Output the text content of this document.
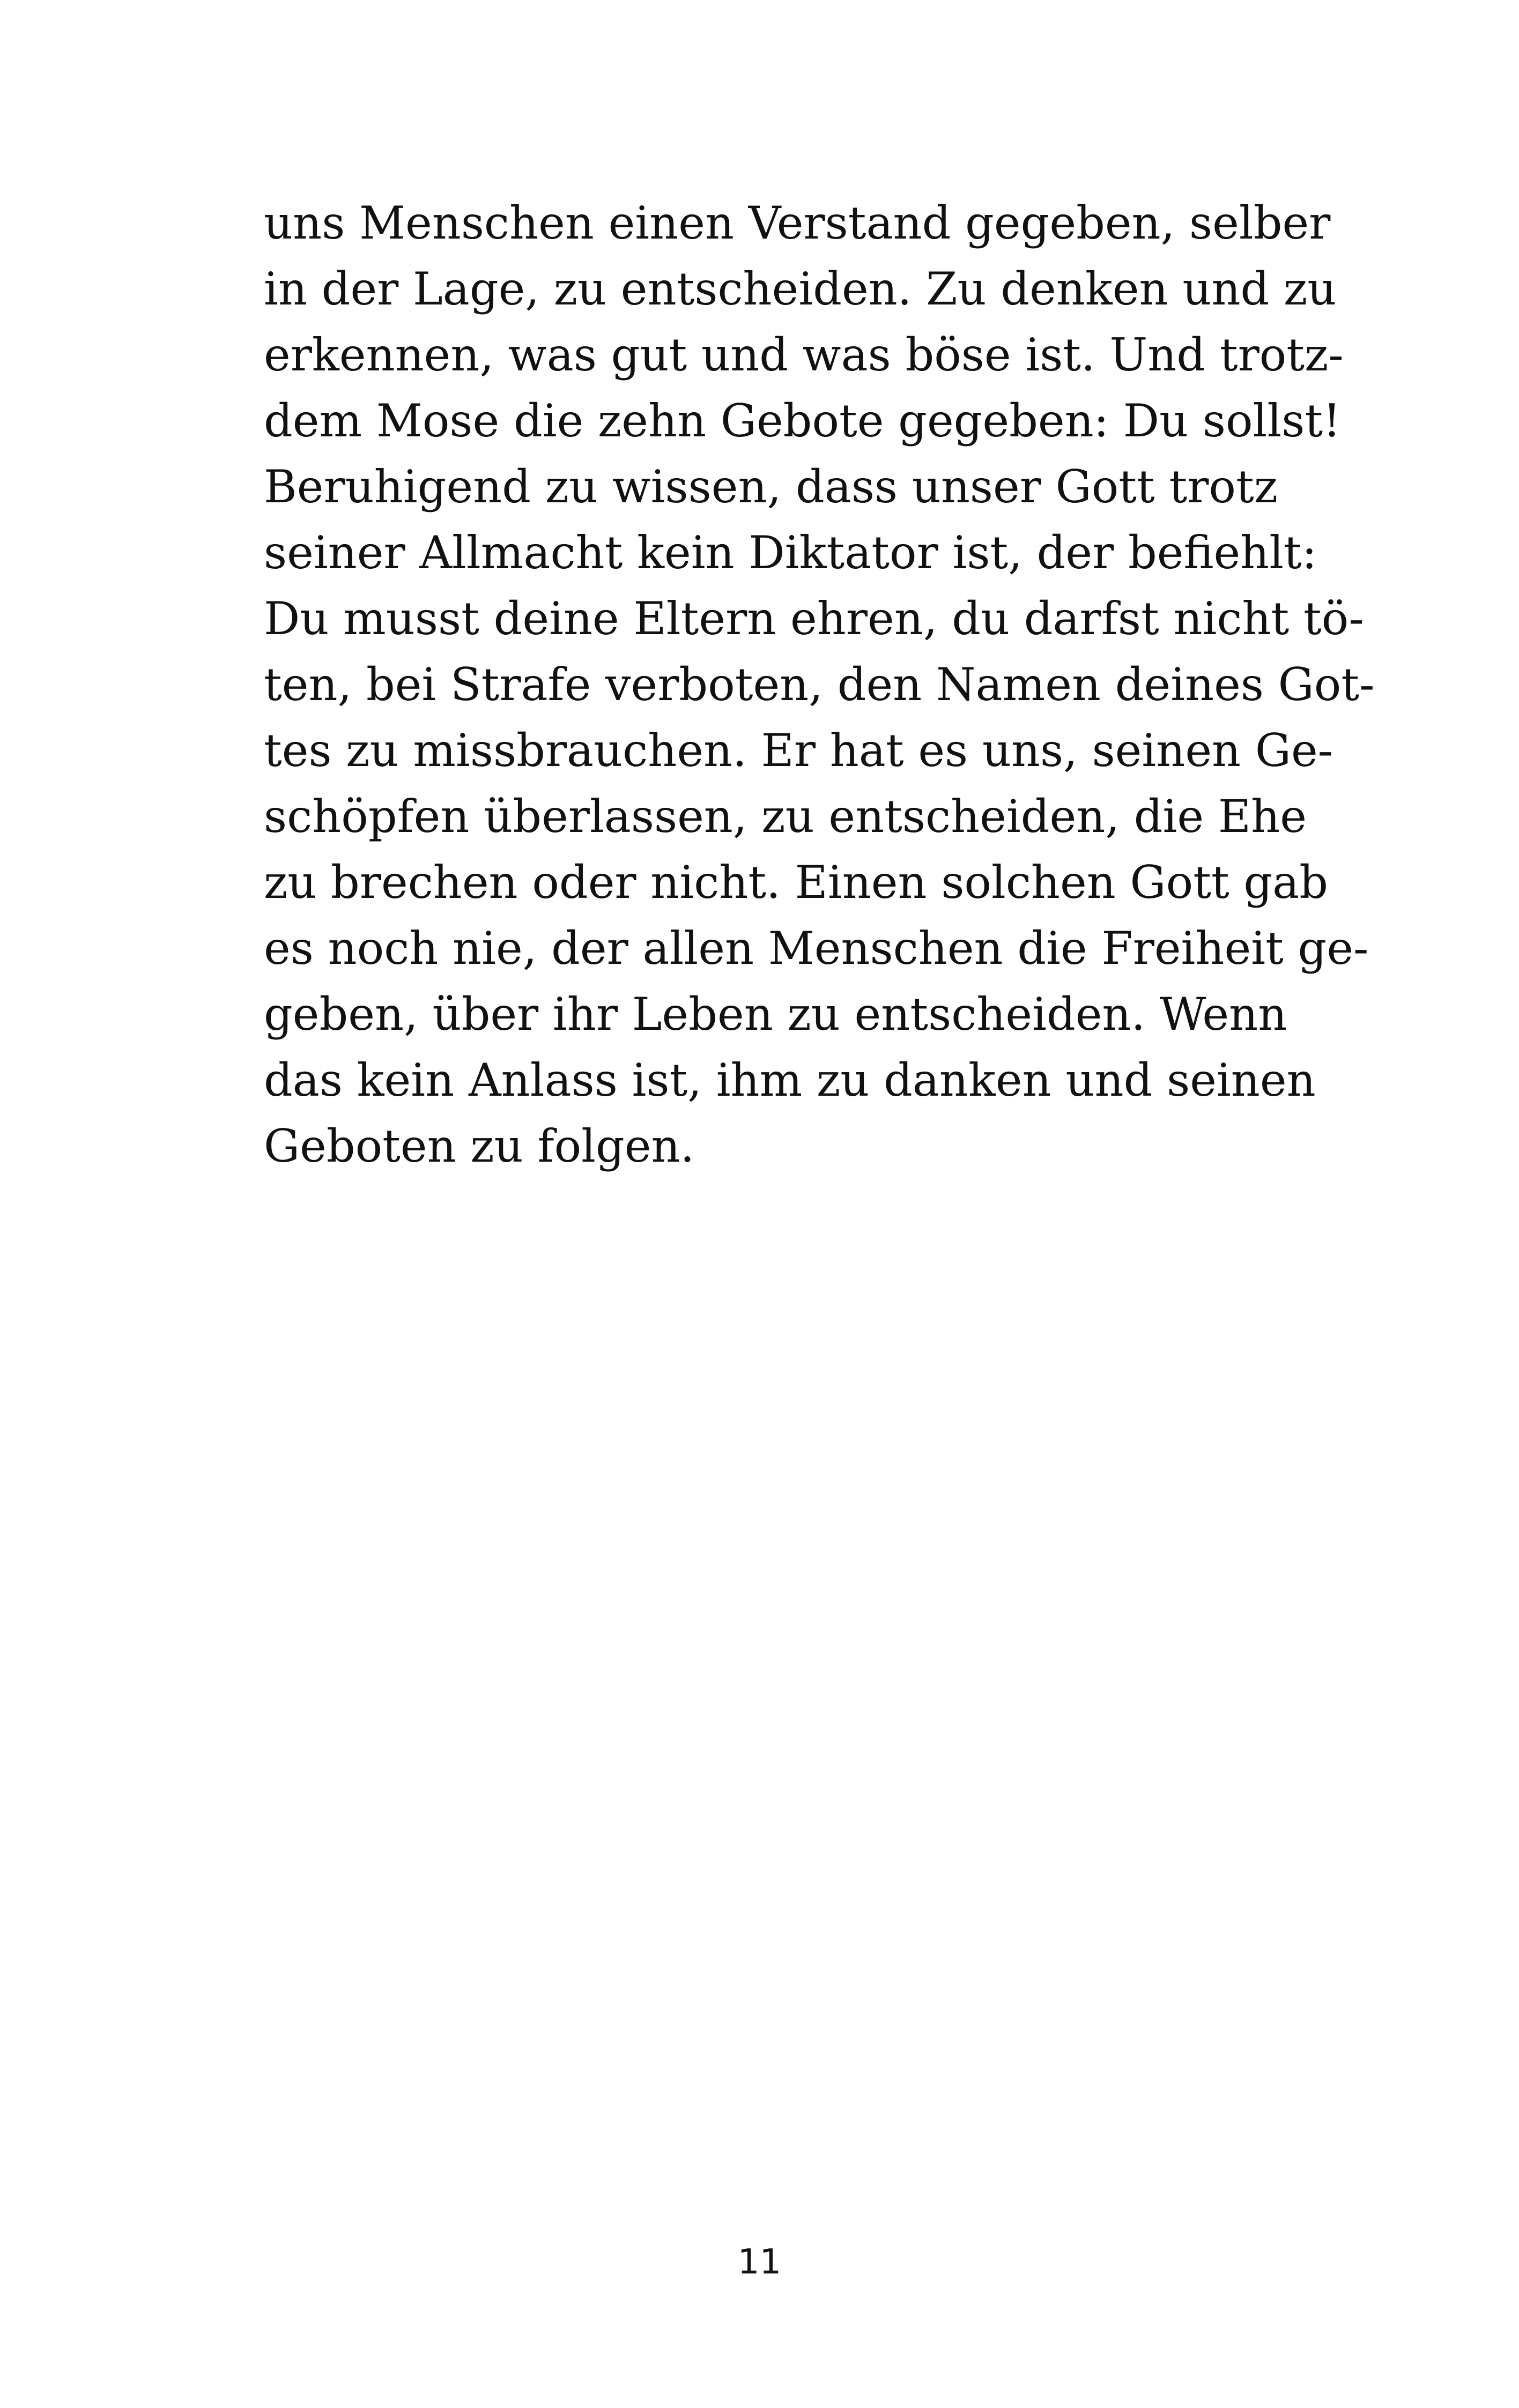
uns Menschen einen Verstand gegeben, selber
in der Lage, zu entscheiden. Zu denken und zu
erkennen, was gut und was böse ist. Und trotz-
dem Mose die zehn Gebote gegeben: Du sollst!
Beruhigend zu wissen, dass unser Gott trotz
seiner Allmacht kein Diktator ist, der befiehlt:
Du musst deine Eltern ehren, du darfst nicht tö-
ten, bei Strafe verboten, den Namen deines Got-
tes zu missbrauchen. Er hat es uns, seinen Ge-
schöpfen überlassen, zu entscheiden, die Ehe
zu brechen oder nicht. Einen solchen Gott gab
es noch nie, der allen Menschen die Freiheit ge-
geben, über ihr Leben zu entscheiden. Wenn
das kein Anlass ist, ihm zu danken und seinen
Geboten zu folgen.
11
